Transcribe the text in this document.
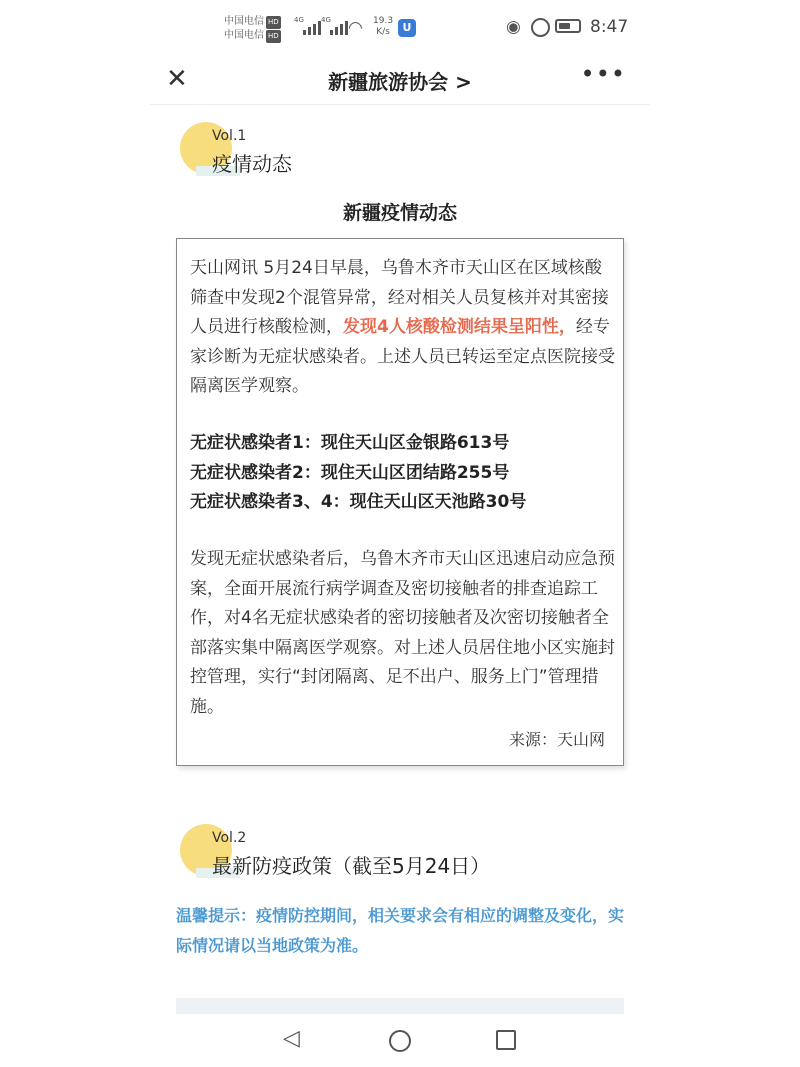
中国电信 HD
中国电信 HD
4G 4G ◠ 19.3
K/s	U	◉	8:47
✕	新疆旅游协会 >	•••
Vol.1
疫情动态
新疆疫情动态
天山网讯 5月24日早晨，乌鲁木齐市天山区在区域核酸筛查中发现2个混管异常，经对相关人员复核并对其密接人员进行核酸检测，发现4人核酸检测结果呈阳性，经专家诊断为无症状感染者。上述人员已转运至定点医院接受隔离医学观察。
无症状感染者1：现住天山区金银路613号
无症状感染者2：现住天山区团结路255号
无症状感染者3、4：现住天山区天池路30号
发现无症状感染者后，乌鲁木齐市天山区迅速启动应急预案，全面开展流行病学调查及密切接触者的排查追踪工作，对4名无症状感染者的密切接触者及次密切接触者全部落实集中隔离医学观察。对上述人员居住地小区实施封控管理，实行“封闭隔离、足不出户、服务上门”管理措施。
来源：天山网
Vol.2
最新防疫政策（截至5月24日）
温馨提示：疫情防控期间，相关要求会有相应的调整及变化，实际情况请以当地政策为准。
◁
